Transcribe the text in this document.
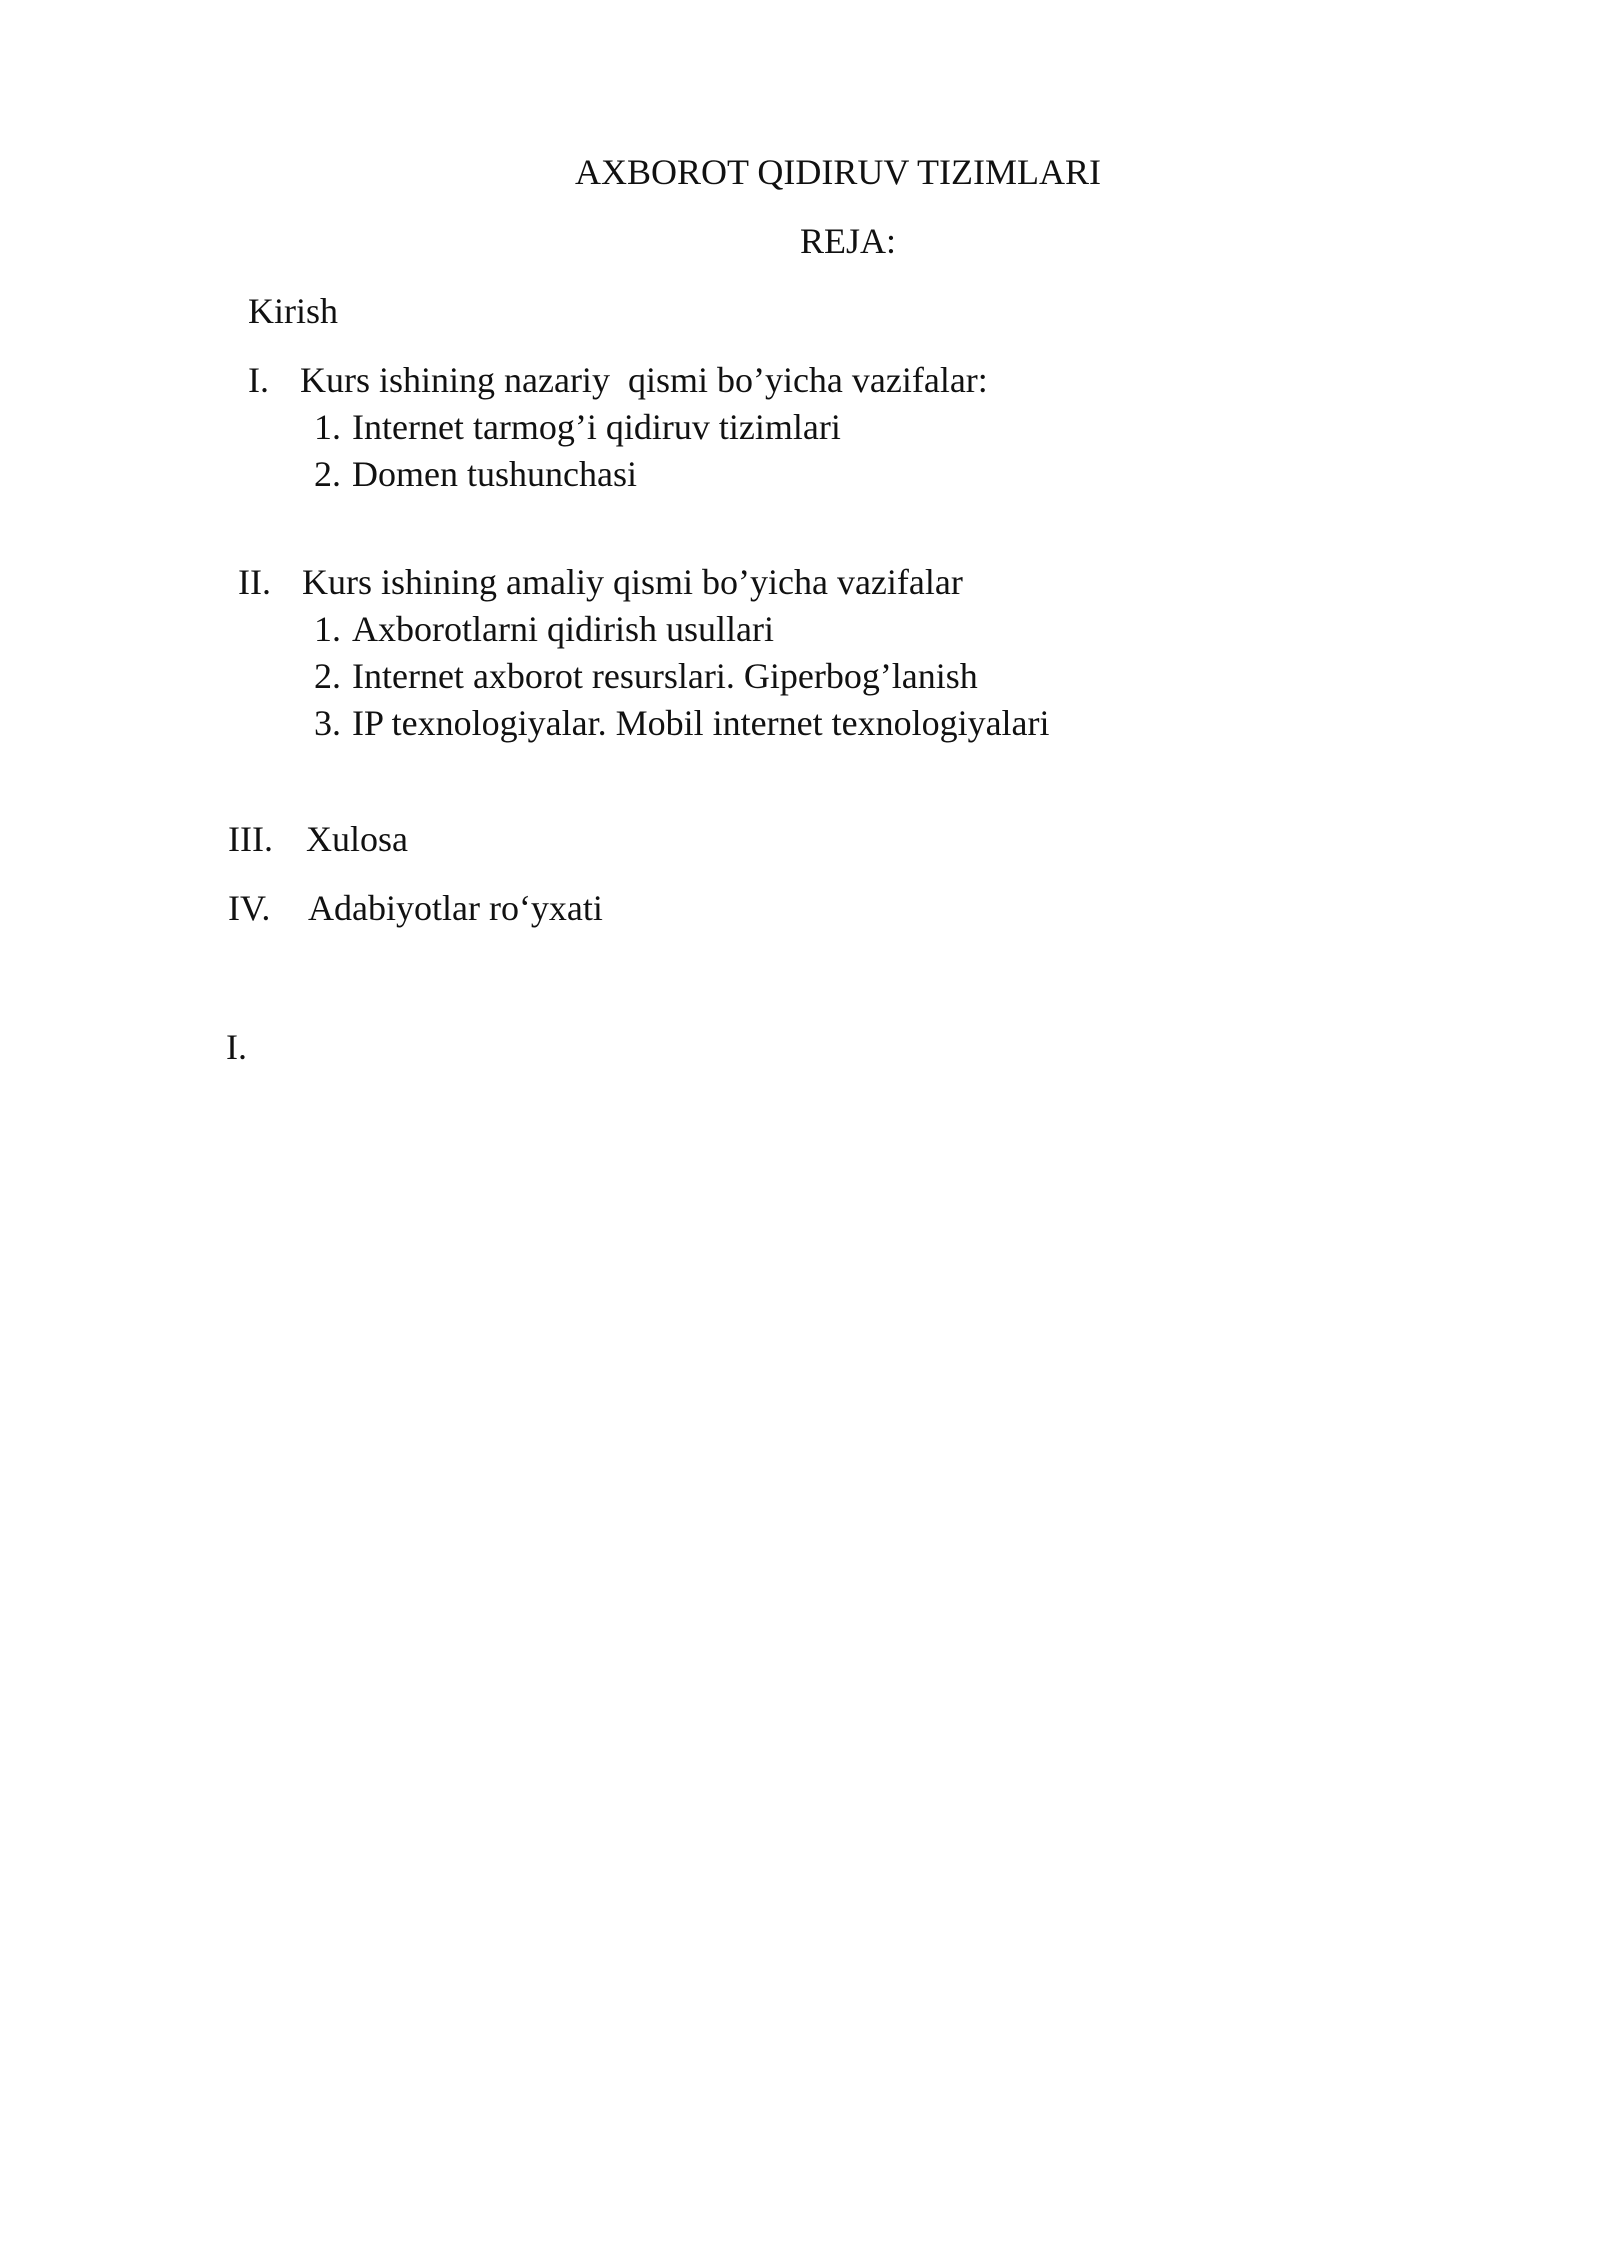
AXBOROT QIDIRUV TIZIMLARI
REJA:
Kirish
I. Kurs ishining nazariy  qismi bo’yicha vazifalar:
1. Internet tarmog’i qidiruv tizimlari
2. Domen tushunchasi
II. Kurs ishining amaliy qismi bo’yicha vazifalar
1. Axborotlarni qidirish usullari
2. Internet axborot resurslari. Giperbog’lanish
3. IP texnologiyalar. Mobil internet texnologiyalari
III. Xulosa
IV. Adabiyotlar ro‘yxati
I.
